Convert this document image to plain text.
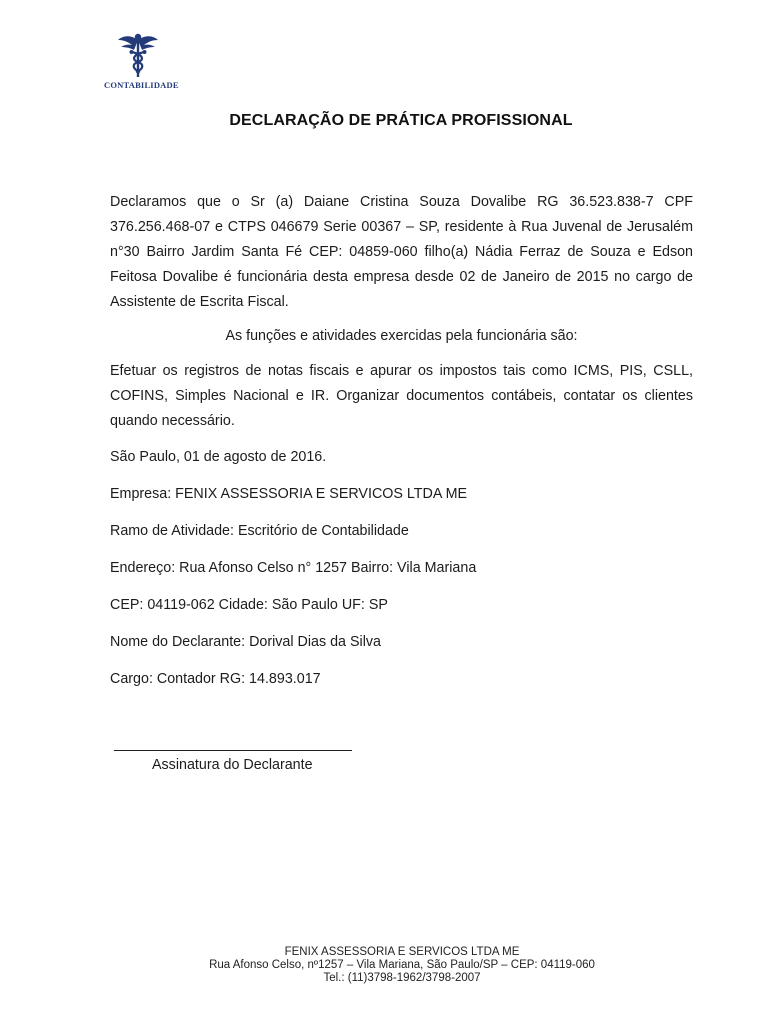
CONTABILIDADE
DECLARAÇÃO DE PRÁTICA PROFISSIONAL

Declaramos que o Sr (a) Daiane Cristina Souza Dovalibe RG 36.523.838-7 CPF 376.256.468-07 e CTPS 046679 Serie 00367 – SP, residente à Rua Juvenal de Jerusalém n°30 Bairro Jardim Santa Fé CEP: 04859-060 filho(a) Nádia Ferraz de Souza e Edson Feitosa Dovalibe é funcionária desta empresa desde 02 de Janeiro de 2015 no cargo de Assistente de Escrita Fiscal.

As funções e atividades exercidas pela funcionária são:

Efetuar os registros de notas fiscais e apurar os impostos tais como ICMS, PIS, CSLL, COFINS, Simples Nacional e IR. Organizar documentos contábeis, contatar os clientes quando necessário.

São Paulo, 01 de agosto de 2016.

Empresa: FENIX ASSESSORIA E SERVICOS LTDA ME

Ramo de Atividade: Escritório de Contabilidade

Endereço: Rua Afonso Celso n° 1257 Bairro: Vila Mariana

CEP: 04119-062 Cidade: São Paulo UF: SP

Nome do Declarante: Dorival Dias da Silva

Cargo: Contador RG: 14.893.017

Assinatura do Declarante
FENIX ASSESSORIA E SERVICOS LTDA ME
Rua Afonso Celso, nº1257 – Vila Mariana, São Paulo/SP – CEP: 04119-060
Tel.: (11)3798-1962/3798-2007
